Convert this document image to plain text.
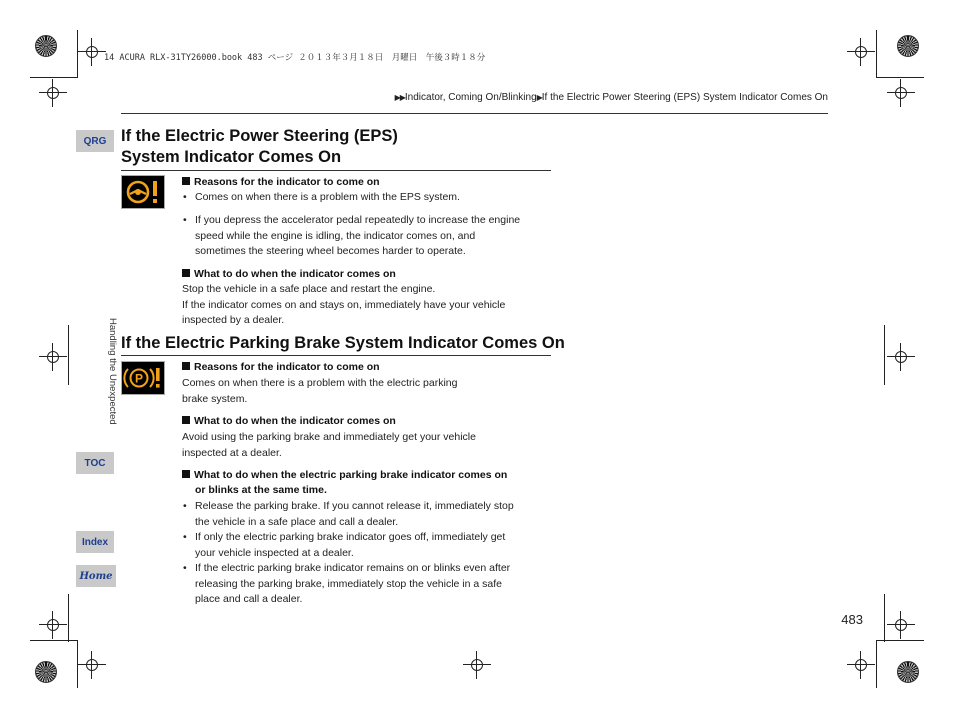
14 ACURA RLX-31TY26000.book 483 ページ ２０１３年３月１８日　月曜日　午後３時１８分
▶▶Indicator, Coming On/Blinking▶If the Electric Power Steering (EPS) System Indicator Comes On
QRG
Handling the Unexpected
TOC
Index
Home
If the Electric Power Steering (EPS)
System Indicator Comes On
Reasons for the indicator to come on
• Comes on when there is a problem with the EPS system.
• If you depress the accelerator pedal repeatedly to increase the engine
speed while the engine is idling, the indicator comes on, and
sometimes the steering wheel becomes harder to operate.
What to do when the indicator comes on
Stop the vehicle in a safe place and restart the engine.
If the indicator comes on and stays on, immediately have your vehicle
inspected by a dealer.
If the Electric Parking Brake System Indicator Comes On
P
Reasons for the indicator to come on
Comes on when there is a problem with the electric parking
brake system.
What to do when the indicator comes on
Avoid using the parking brake and immediately get your vehicle
inspected at a dealer.
What to do when the electric parking brake indicator comes on
or blinks at the same time.
• Release the parking brake. If you cannot release it, immediately stop
the vehicle in a safe place and call a dealer.
• If only the electric parking brake indicator goes off, immediately get
your vehicle inspected at a dealer.
• If the electric parking brake indicator remains on or blinks even after
releasing the parking brake, immediately stop the vehicle in a safe
place and call a dealer.
483
